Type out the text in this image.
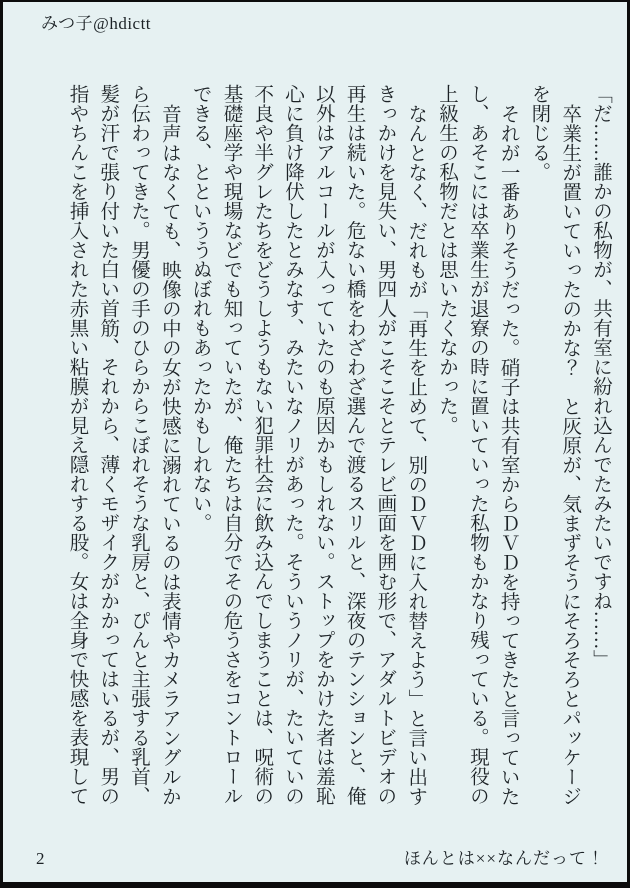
みつ子@hdictt

「だ……誰かの私物が、共有室に紛れ込んでたみたいですね……」

卒業生が置いていったのかな？　と灰原が、気まずそうにそろそろとパッケージを閉じる。

それが一番ありそうだった。硝子は共有室からＤＶＤを持ってきたと言っていたし、あそこには卒業生が退寮の時に置いていった私物もかなり残っている。現役の上級生の私物だとは思いたくなかった。

なんとなく、だれもが「再生を止めて、別のＤＶＤに入れ替えよう」と言い出すきっかけを見失い、男四人がこそこそとテレビ画面を囲む形で、アダルトビデオの再生は続いた。危ない橋をわざわざ選んで渡るスリルと、深夜のテンションと、俺以外はアルコールが入っていたのも原因かもしれない。ストップをかけた者は羞恥心に負け降伏したとみなす、みたいなノリがあった。そういうノリが、たいていの不良や半グレたちをどうしようもない犯罪社会に飲み込んでしまうことは、呪術の基礎座学や現場などでも知っていたが、俺たちは自分でその危うさをコントロールできる、とといううぬぼれもあったかもしれない。

音声はなくても、映像の中の女が快感に溺れているのは表情やカメラアングルから伝わってきた。男優の手のひらからこぼれそうな乳房と、ぴんと主張する乳首、髪が汗で張り付いた白い首筋、それから、薄くモザイクがかかってはいるが、男の指やちんこを挿入された赤黒い粘膜が見え隠れする股。女は全身で快感を表現して

2	ほんとは××なんだって！
